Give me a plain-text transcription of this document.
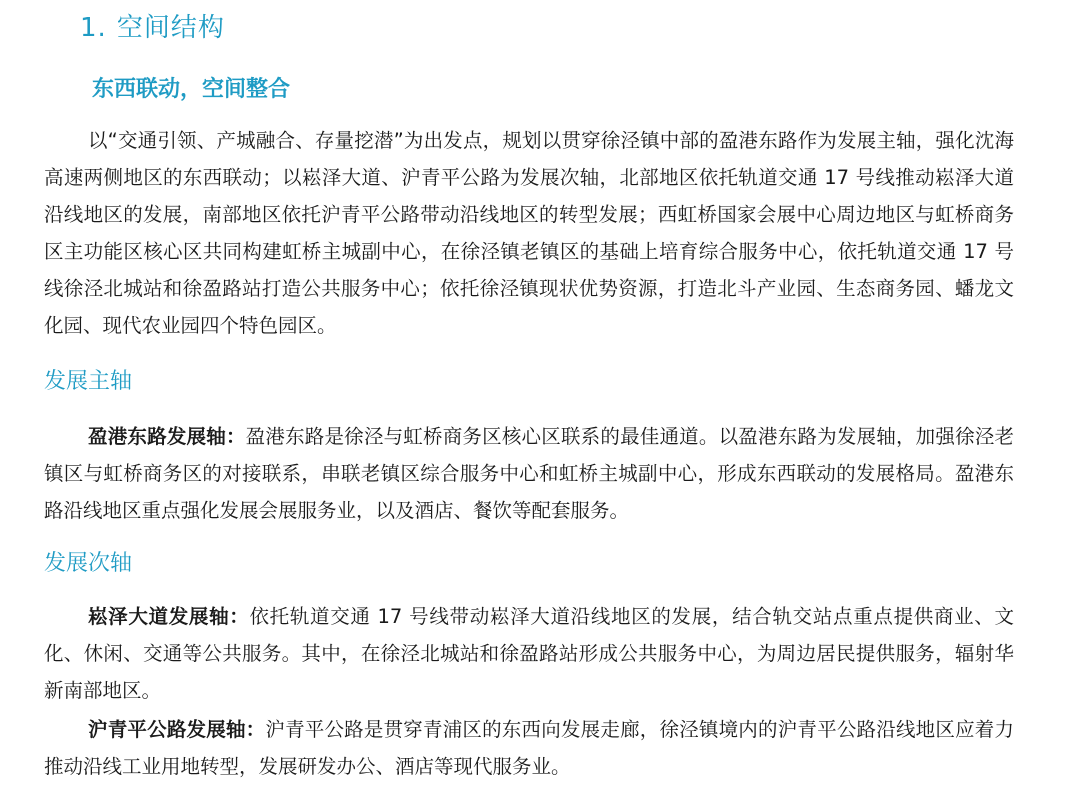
1. 空间结构
东西联动，空间整合

以“交通引领、产城融合、存量挖潜”为出发点，规划以贯穿徐泾镇中部的盈港东路作为发展主轴，强化沈海高速两侧地区的东西联动；以崧泽大道、沪青平公路为发展次轴，北部地区依托轨道交通 17 号线推动崧泽大道沿线地区的发展，南部地区依托沪青平公路带动沿线地区的转型发展；西虹桥国家会展中心周边地区与虹桥商务区主功能区核心区共同构建虹桥主城副中心，在徐泾镇老镇区的基础上培育综合服务中心，依托轨道交通 17 号线徐泾北城站和徐盈路站打造公共服务中心；依托徐泾镇现状优势资源，打造北斗产业园、生态商务园、蟠龙文化园、现代农业园四个特色园区。

发展主轴

盈港东路发展轴：盈港东路是徐泾与虹桥商务区核心区联系的最佳通道。以盈港东路为发展轴，加强徐泾老镇区与虹桥商务区的对接联系，串联老镇区综合服务中心和虹桥主城副中心，形成东西联动的发展格局。盈港东路沿线地区重点强化发展会展服务业，以及酒店、餐饮等配套服务。

发展次轴

崧泽大道发展轴：依托轨道交通 17 号线带动崧泽大道沿线地区的发展，结合轨交站点重点提供商业、文化、休闲、交通等公共服务。其中，在徐泾北城站和徐盈路站形成公共服务中心，为周边居民提供服务，辐射华新南部地区。

沪青平公路发展轴：沪青平公路是贯穿青浦区的东西向发展走廊，徐泾镇境内的沪青平公路沿线地区应着力推动沿线工业用地转型，发展研发办公、酒店等现代服务业。
